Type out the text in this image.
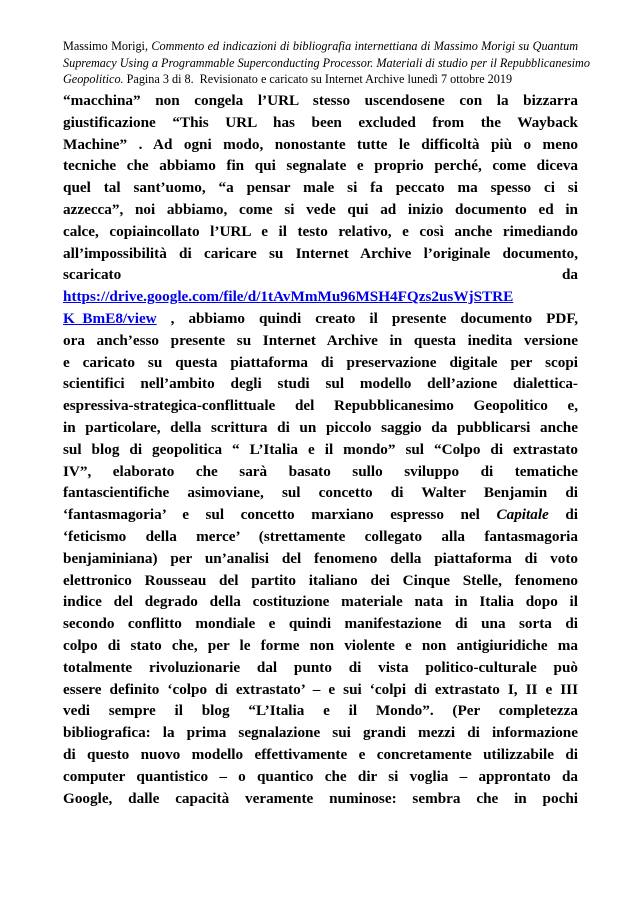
Massimo Morigi, Commento ed indicazioni di bibliografia internettiana di Massimo Morigi su Quantum
Supremacy Using a Programmable Superconducting Processor. Materiali di studio per il Repubblicanesimo
Geopolitico. Pagina 3 di 8. Revisionato e caricato su Internet Archive lunedì 7 ottobre 2019
“macchina” non congela l’URL stesso uscendosene con la bizzarra
giustificazione “This URL has been excluded from the Wayback
Machine” . Ad ogni modo, nonostante tutte le difficoltà più o meno
tecniche che abbiamo fin qui segnalate e proprio perché, come diceva
quel tal sant’uomo, “a pensar male si fa peccato ma spesso ci si
azzecca”, noi abbiamo, come si vede qui ad inizio documento ed in
calce, copiaincollato l’URL e il testo relativo, e così anche rimediando
all’impossibilità di caricare su Internet Archive l’originale documento,
scaricato	da
https://drive.google.com/file/d/1tAvMmMu96MSH4FQzs2usWjSTRE
K_BmE8/view , abbiamo quindi creato il presente documento PDF,
ora anch’esso presente su Internet Archive in questa inedita versione
e caricato su questa piattaforma di preservazione digitale per scopi
scientifici nell’ambito degli studi sul modello dell’azione dialettica-
espressiva-strategica-conflittuale del Repubblicanesimo Geopolitico e,
in particolare, della scrittura di un piccolo saggio da pubblicarsi anche
sul blog di geopolitica “ L’Italia e il mondo” sul “Colpo di extrastato
IV”, elaborato che sarà basato sullo sviluppo di tematiche
fantascientifiche asimoviane, sul concetto di Walter Benjamin di
‘fantasmagoria’ e sul concetto marxiano espresso nel Capitale di
‘feticismo della merce’ (strettamente collegato alla fantasmagoria
benjaminiana) per un’analisi del fenomeno della piattaforma di voto
elettronico Rousseau del partito italiano dei Cinque Stelle, fenomeno
indice del degrado della costituzione materiale nata in Italia dopo il
secondo conflitto mondiale e quindi manifestazione di una sorta di
colpo di stato che, per le forme non violente e non antigiuridiche ma
totalmente rivoluzionarie dal punto di vista politico-culturale può
essere definito ‘colpo di extrastato’ – e sui ‘colpi di extrastato I, II e III
vedi sempre il blog “L’Italia e il Mondo”. (Per completezza
bibliografica: la prima segnalazione sui grandi mezzi di informazione
di questo nuovo modello effettivamente e concretamente utilizzabile di
computer quantistico – o quantico che dir si voglia – approntato da
Google, dalle capacità veramente numinose: sembra che in pochi
